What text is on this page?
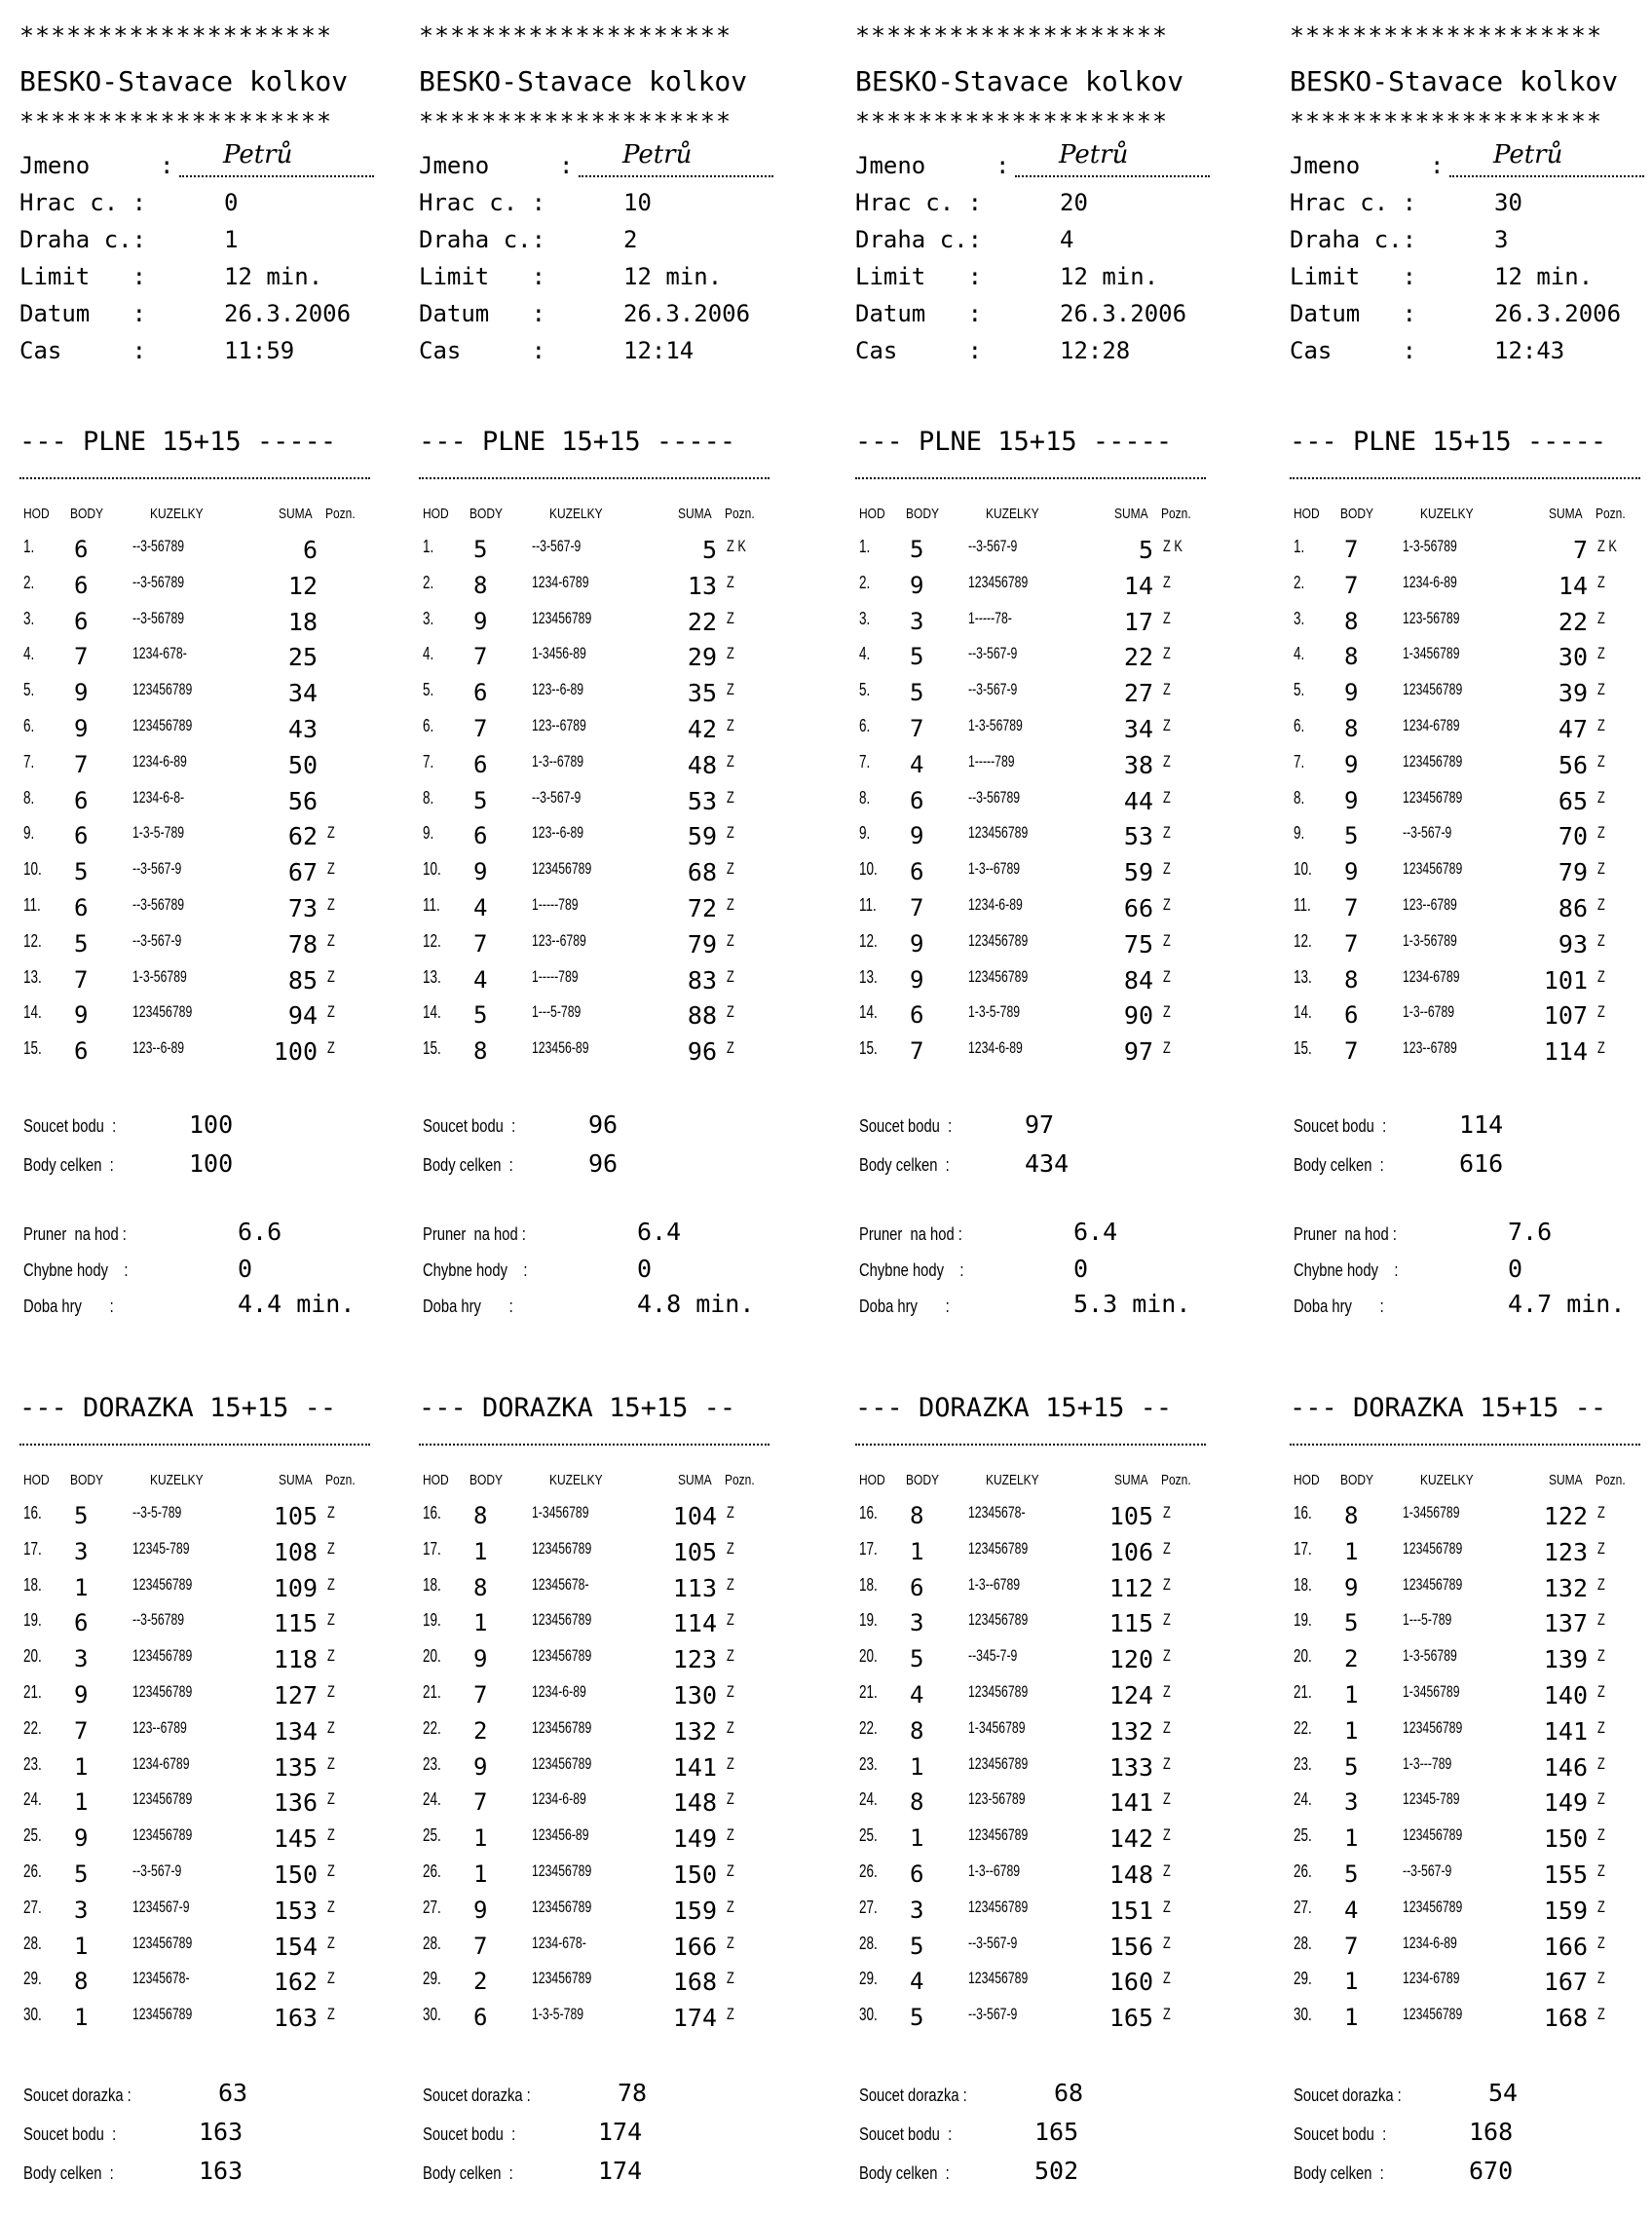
********************
BESKO-Stavace kolkov
********************
Jmeno	: Petrů
Hrac c. :	0
Draha c.:	1
Limit   :	12 min.
Datum   :	26.3.2006
Cas     :	11:59
--- PLNE 15+15 -----
HOD BODY	KUZELKY	SUMA Pozn.
1. 6	--3-56789	6
2. 6	--3-56789	12
3. 6	--3-56789	18
4. 7	1234-678-	25
5. 9	123456789	34
6. 9	123456789	43
7. 7	1234-6-89	50
8. 6	1234-6-8-	56
9. 6	1-3-5-789	62 Z
10. 5	--3-567-9	67 Z
11. 6	--3-56789	73 Z
12. 5	--3-567-9	78 Z
13. 7	1-3-56789	85 Z
14. 9	123456789	94 Z
15. 6	123--6-89	100 Z
Soucet bodu  :	100
Body celken  :	100
Pruner  na hod :	6.6
Chybne hody    :	0
Doba hry       :	4.4 min.
--- DORAZKA 15+15 --
HOD BODY	KUZELKY	SUMA Pozn.
16. 5	--3-5-789	105 Z
17. 3	12345-789	108 Z
18. 1	123456789	109 Z
19. 6	--3-56789	115 Z
20. 3	123456789	118 Z
21. 9	123456789	127 Z
22. 7	123--6789	134 Z
23. 1	1234-6789	135 Z
24. 1	123456789	136 Z
25. 9	123456789	145 Z
26. 5	--3-567-9	150 Z
27. 3	1234567-9	153 Z
28. 1	123456789	154 Z
29. 8	12345678-	162 Z
30. 1	123456789	163 Z
Soucet dorazka :	63
Soucet bodu  :	163
Body celken  :	163
********************
BESKO-Stavace kolkov
********************
Jmeno	: Petrů
Hrac c. :	10
Draha c.:	2
Limit   :	12 min.
Datum   :	26.3.2006
Cas     :	12:14
--- PLNE 15+15 -----
HOD BODY	KUZELKY	SUMA Pozn.
1. 5	--3-567-9	5 Z K
2. 8	1234-6789	13 Z
3. 9	123456789	22 Z
4. 7	1-3456-89	29 Z
5. 6	123--6-89	35 Z
6. 7	123--6789	42 Z
7. 6	1-3--6789	48 Z
8. 5	--3-567-9	53 Z
9. 6	123--6-89	59 Z
10. 9	123456789	68 Z
11. 4	1-----789	72 Z
12. 7	123--6789	79 Z
13. 4	1-----789	83 Z
14. 5	1---5-789	88 Z
15. 8	123456-89	96 Z
Soucet bodu  :	96
Body celken  :	96
Pruner  na hod :	6.4
Chybne hody    :	0
Doba hry       :	4.8 min.
--- DORAZKA 15+15 --
HOD BODY	KUZELKY	SUMA Pozn.
16. 8	1-3456789	104 Z
17. 1	123456789	105 Z
18. 8	12345678-	113 Z
19. 1	123456789	114 Z
20. 9	123456789	123 Z
21. 7	1234-6-89	130 Z
22. 2	123456789	132 Z
23. 9	123456789	141 Z
24. 7	1234-6-89	148 Z
25. 1	123456-89	149 Z
26. 1	123456789	150 Z
27. 9	123456789	159 Z
28. 7	1234-678-	166 Z
29. 2	123456789	168 Z
30. 6	1-3-5-789	174 Z
Soucet dorazka :	78
Soucet bodu  :	174
Body celken  :	174
********************
BESKO-Stavace kolkov
********************
Jmeno	: Petrů
Hrac c. :	20
Draha c.:	4
Limit   :	12 min.
Datum   :	26.3.2006
Cas     :	12:28
--- PLNE 15+15 -----
HOD BODY	KUZELKY	SUMA Pozn.
1. 5	--3-567-9	5 Z K
2. 9	123456789	14 Z
3. 3	1-----78-	17 Z
4. 5	--3-567-9	22 Z
5. 5	--3-567-9	27 Z
6. 7	1-3-56789	34 Z
7. 4	1-----789	38 Z
8. 6	--3-56789	44 Z
9. 9	123456789	53 Z
10. 6	1-3--6789	59 Z
11. 7	1234-6-89	66 Z
12. 9	123456789	75 Z
13. 9	123456789	84 Z
14. 6	1-3-5-789	90 Z
15. 7	1234-6-89	97 Z
Soucet bodu  :	97
Body celken  :	434
Pruner  na hod :	6.4
Chybne hody    :	0
Doba hry       :	5.3 min.
--- DORAZKA 15+15 --
HOD BODY	KUZELKY	SUMA Pozn.
16. 8	12345678-	105 Z
17. 1	123456789	106 Z
18. 6	1-3--6789	112 Z
19. 3	123456789	115 Z
20. 5	--345-7-9	120 Z
21. 4	123456789	124 Z
22. 8	1-3456789	132 Z
23. 1	123456789	133 Z
24. 8	123-56789	141 Z
25. 1	123456789	142 Z
26. 6	1-3--6789	148 Z
27. 3	123456789	151 Z
28. 5	--3-567-9	156 Z
29. 4	123456789	160 Z
30. 5	--3-567-9	165 Z
Soucet dorazka :	68
Soucet bodu  :	165
Body celken  :	502
********************
BESKO-Stavace kolkov
********************
Jmeno	: Petrů
Hrac c. :	30
Draha c.:	3
Limit   :	12 min.
Datum   :	26.3.2006
Cas     :	12:43
--- PLNE 15+15 -----
HOD BODY	KUZELKY	SUMA Pozn.
1. 7	1-3-56789	7 Z K
2. 7	1234-6-89	14 Z
3. 8	123-56789	22 Z
4. 8	1-3456789	30 Z
5. 9	123456789	39 Z
6. 8	1234-6789	47 Z
7. 9	123456789	56 Z
8. 9	123456789	65 Z
9. 5	--3-567-9	70 Z
10. 9	123456789	79 Z
11. 7	123--6789	86 Z
12. 7	1-3-56789	93 Z
13. 8	1234-6789	101 Z
14. 6	1-3--6789	107 Z
15. 7	123--6789	114 Z
Soucet bodu  :	114
Body celken  :	616
Pruner  na hod :	7.6
Chybne hody    :	0
Doba hry       :	4.7 min.
--- DORAZKA 15+15 --
HOD BODY	KUZELKY	SUMA Pozn.
16. 8	1-3456789	122 Z
17. 1	123456789	123 Z
18. 9	123456789	132 Z
19. 5	1---5-789	137 Z
20. 2	1-3-56789	139 Z
21. 1	1-3456789	140 Z
22. 1	123456789	141 Z
23. 5	1-3---789	146 Z
24. 3	12345-789	149 Z
25. 1	123456789	150 Z
26. 5	--3-567-9	155 Z
27. 4	123456789	159 Z
28. 7	1234-6-89	166 Z
29. 1	1234-6789	167 Z
30. 1	123456789	168 Z
Soucet dorazka :	54
Soucet bodu  :	168
Body celken  :	670
